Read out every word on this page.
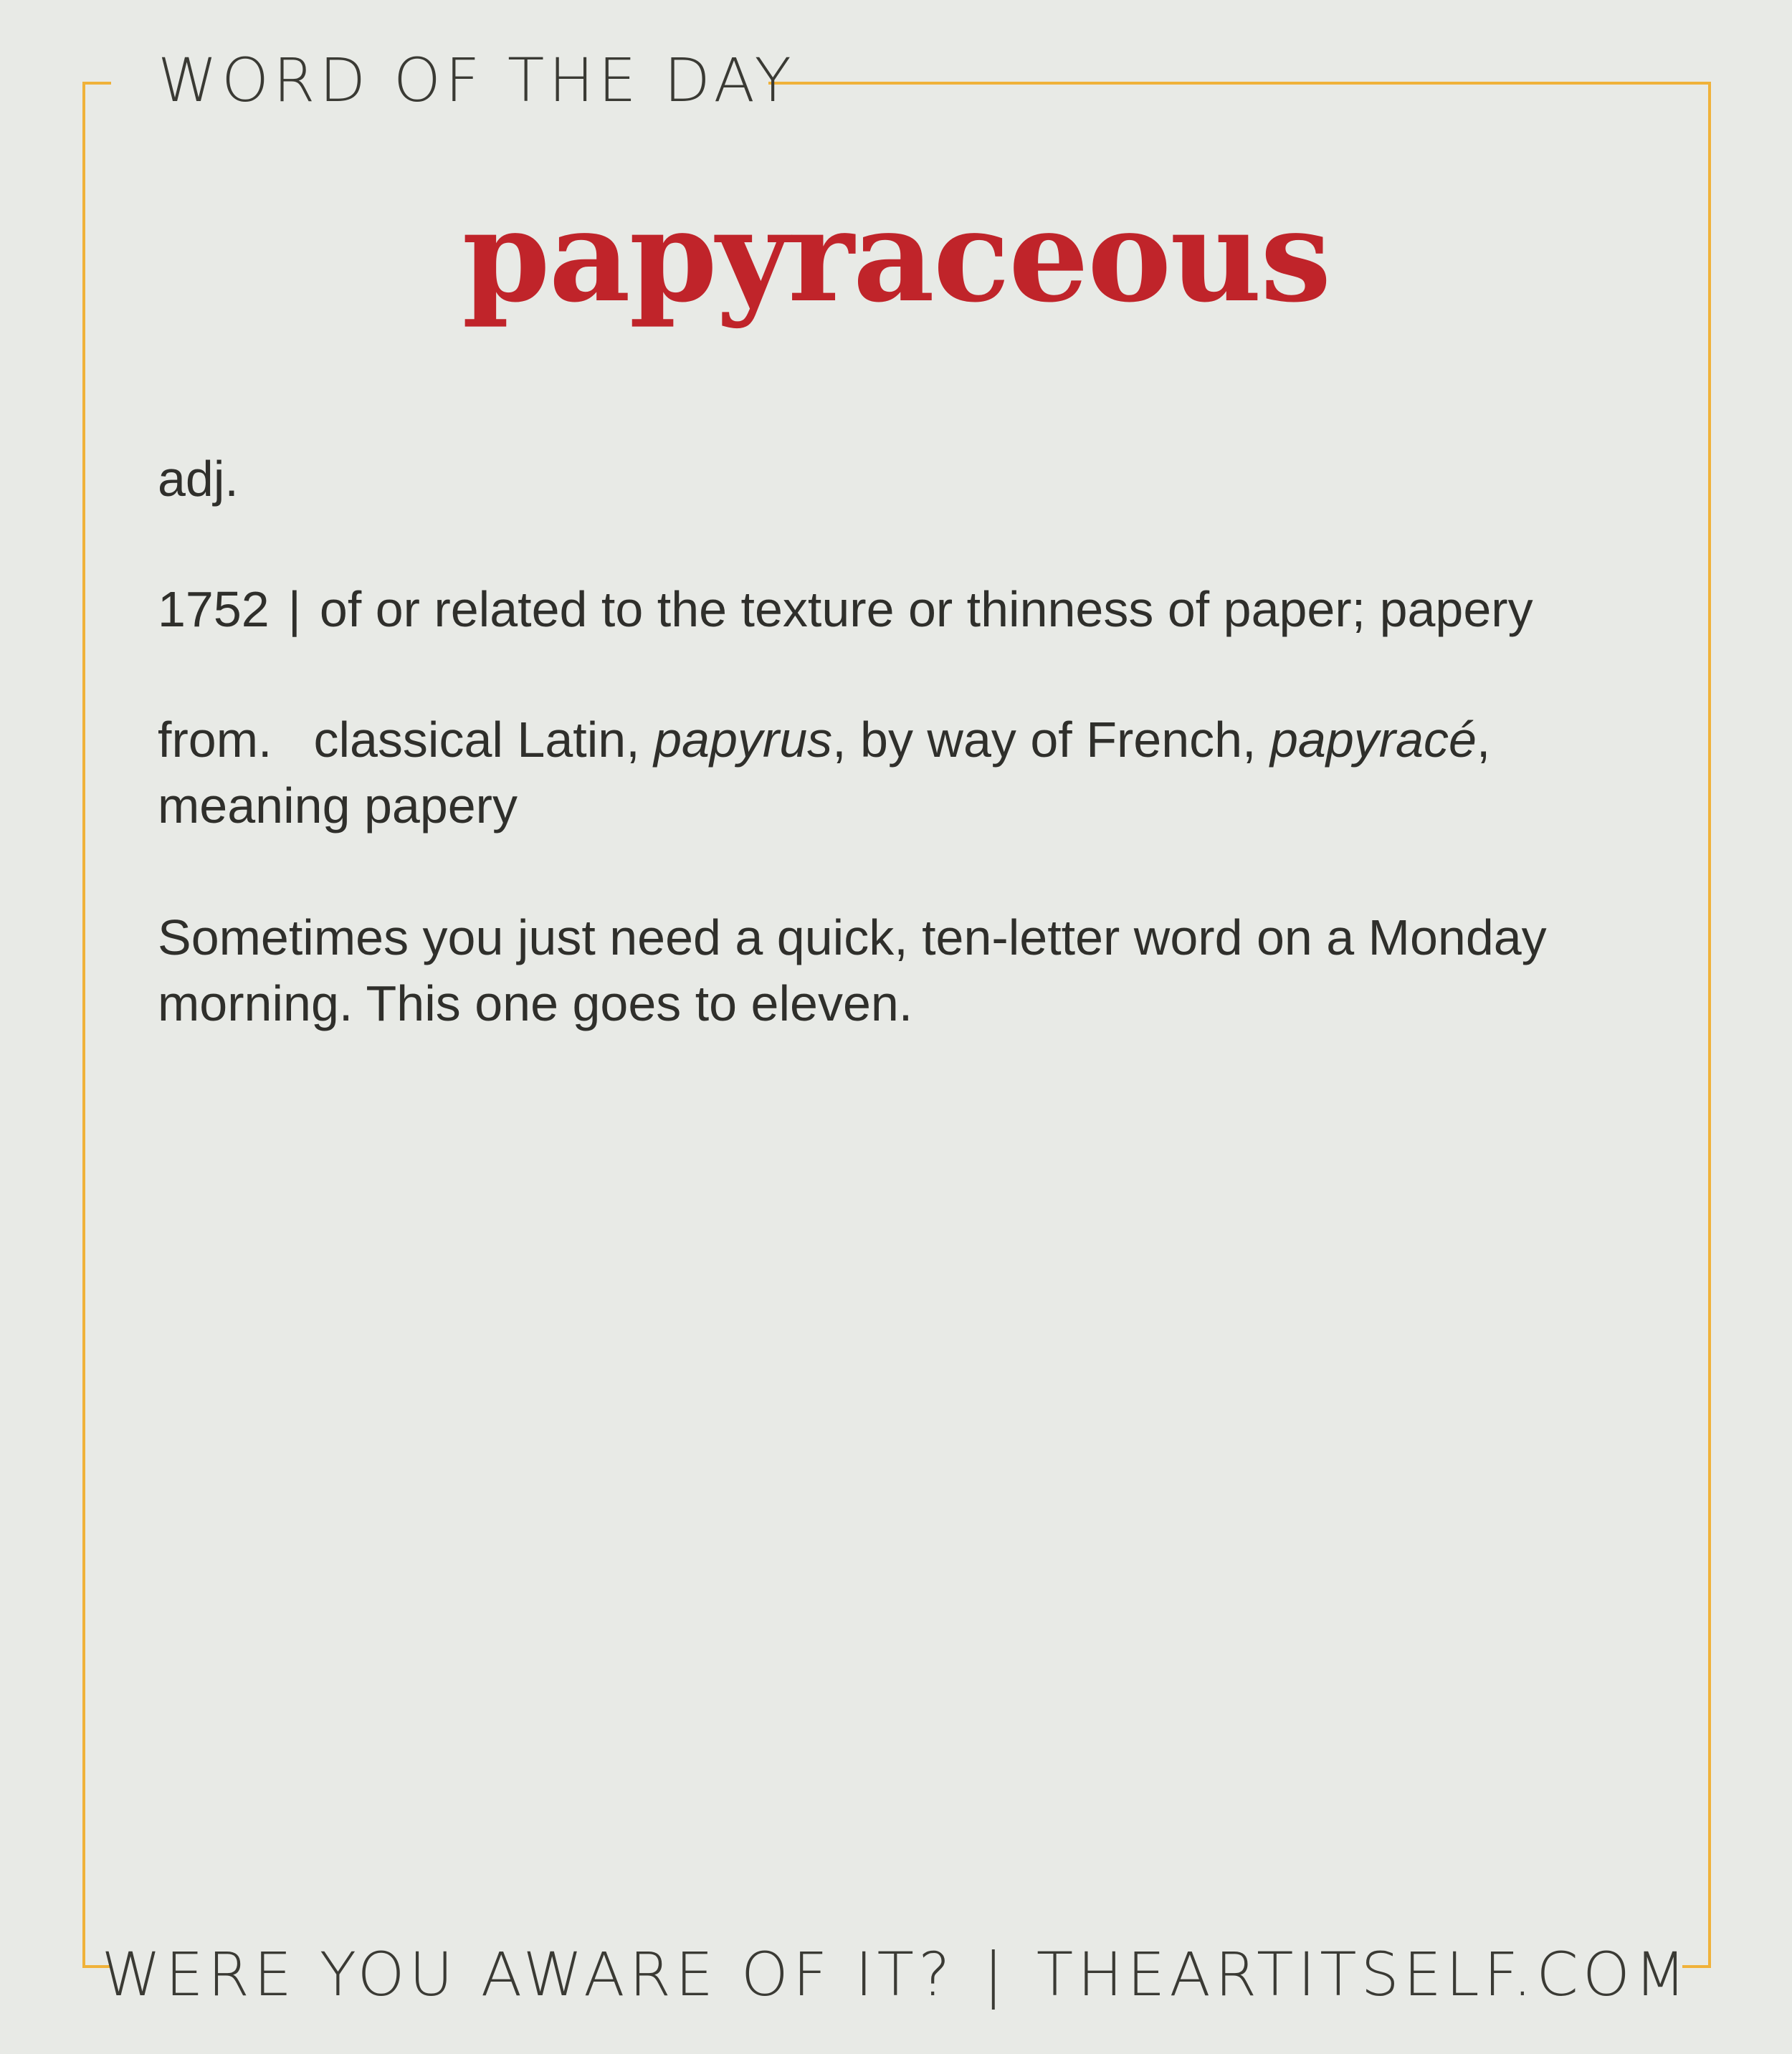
WORD OF THE DAY
papyraceous
adj.
1752 | of or related to the texture or thinness of paper; papery
from. classical Latin, papyrus, by way of French, papyracé, meaning papery
Sometimes you just need a quick, ten-letter word on a Monday morning. This one goes to eleven.
WERE YOU AWARE OF IT? | THEARTITSELF.COM
